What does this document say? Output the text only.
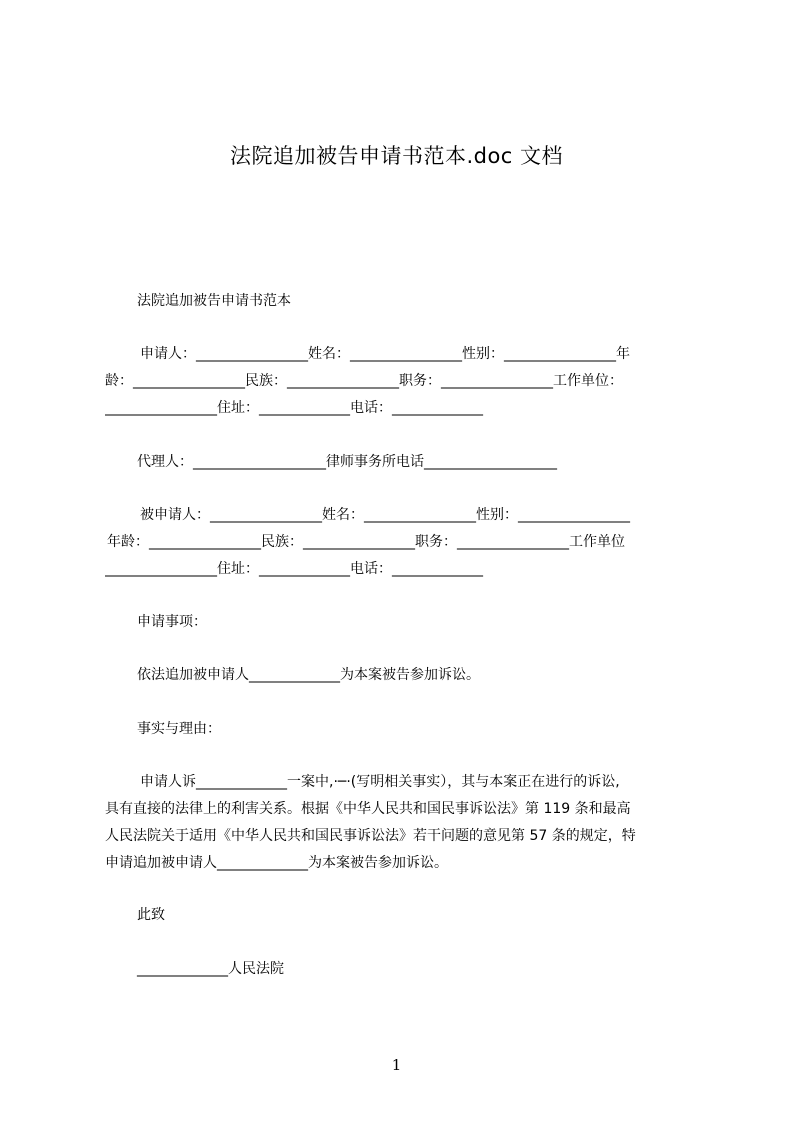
法院追加被告申请书范本.doc 文档
法院追加被告申请书范本
申请人：________________姓名：________________性别：________________年
龄：________________民族：________________职务：________________工作单位：
________________住址：_____________电话：_____________
代理人：___________________律师事务所电话___________________
被申请人：________________姓名：________________性别：________________
年龄：________________民族：________________职务：________________工作单位
________________住址：_____________电话：_____________
申请事项：
依法追加被申请人_____________为本案被告参加诉讼。
事实与理由：
申请人诉_____________一案中,·─·(写明相关事实），其与本案正在进行的诉讼,
具有直接的法律上的利害关系。根据《中华人民共和国民事诉讼法》第 119 条和最高
人民法院关于适用《中华人民共和国民事诉讼法》若干问题的意见第 57 条的规定，特
申请追加被申请人_____________为本案被告参加诉讼。
此致
_____________人民法院
1
